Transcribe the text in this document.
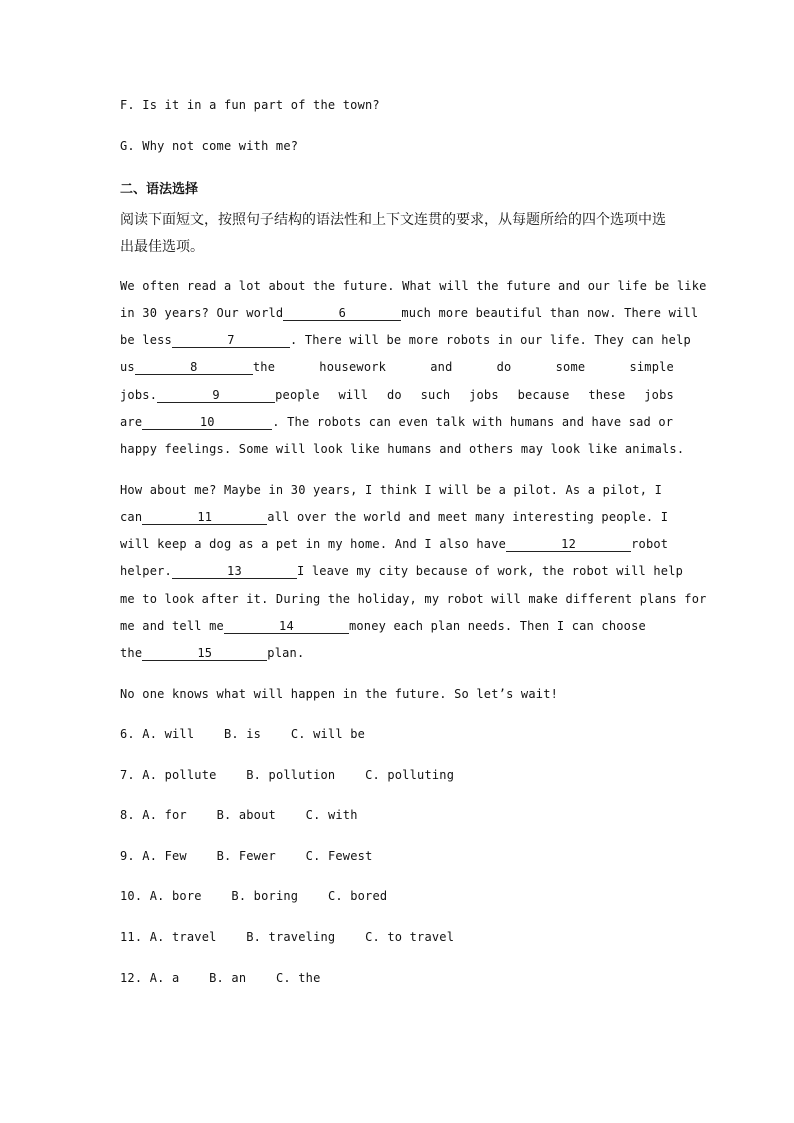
F. Is it in a fun part of the town?
G. Why not come with me?
二、语法选择
阅读下面短文，按照句子结构的语法性和上下文连贯的要求，从每题所给的四个选项中选
出最佳选项。
We often read a lot about the future. What will the future and our life be like
in 30 years? Our world	6	much more beautiful than now. There will
be less	7	. There will be more robots in our life. They can help
us	8	the	housework	and	do	some	simple
jobs.	9	people will do such jobs because these jobs
are	10	. The robots can even talk with humans and have sad or
happy feelings. Some will look like humans and others may look like animals.
How about me? Maybe in 30 years, I think I will be a pilot. As a pilot, I
can	11	all over the world and meet many interesting people. I
will keep a dog as a pet in my home. And I also have	12	robot
helper.	13	I leave my city because of work, the robot will help
me to look after it. During the holiday, my robot will make different plans for
me and tell me	14	money each plan needs. Then I can choose
the	15	plan.
No one knows what will happen in the future. So let’s wait!
6. A. will B. is C. will be
7. A. pollute B. pollution C. polluting
8. A. for B. about C. with
9. A. Few B. Fewer C. Fewest
10. A. bore B. boring C. bored
11. A. travel B. traveling C. to travel
12. A. a B. an C. the
